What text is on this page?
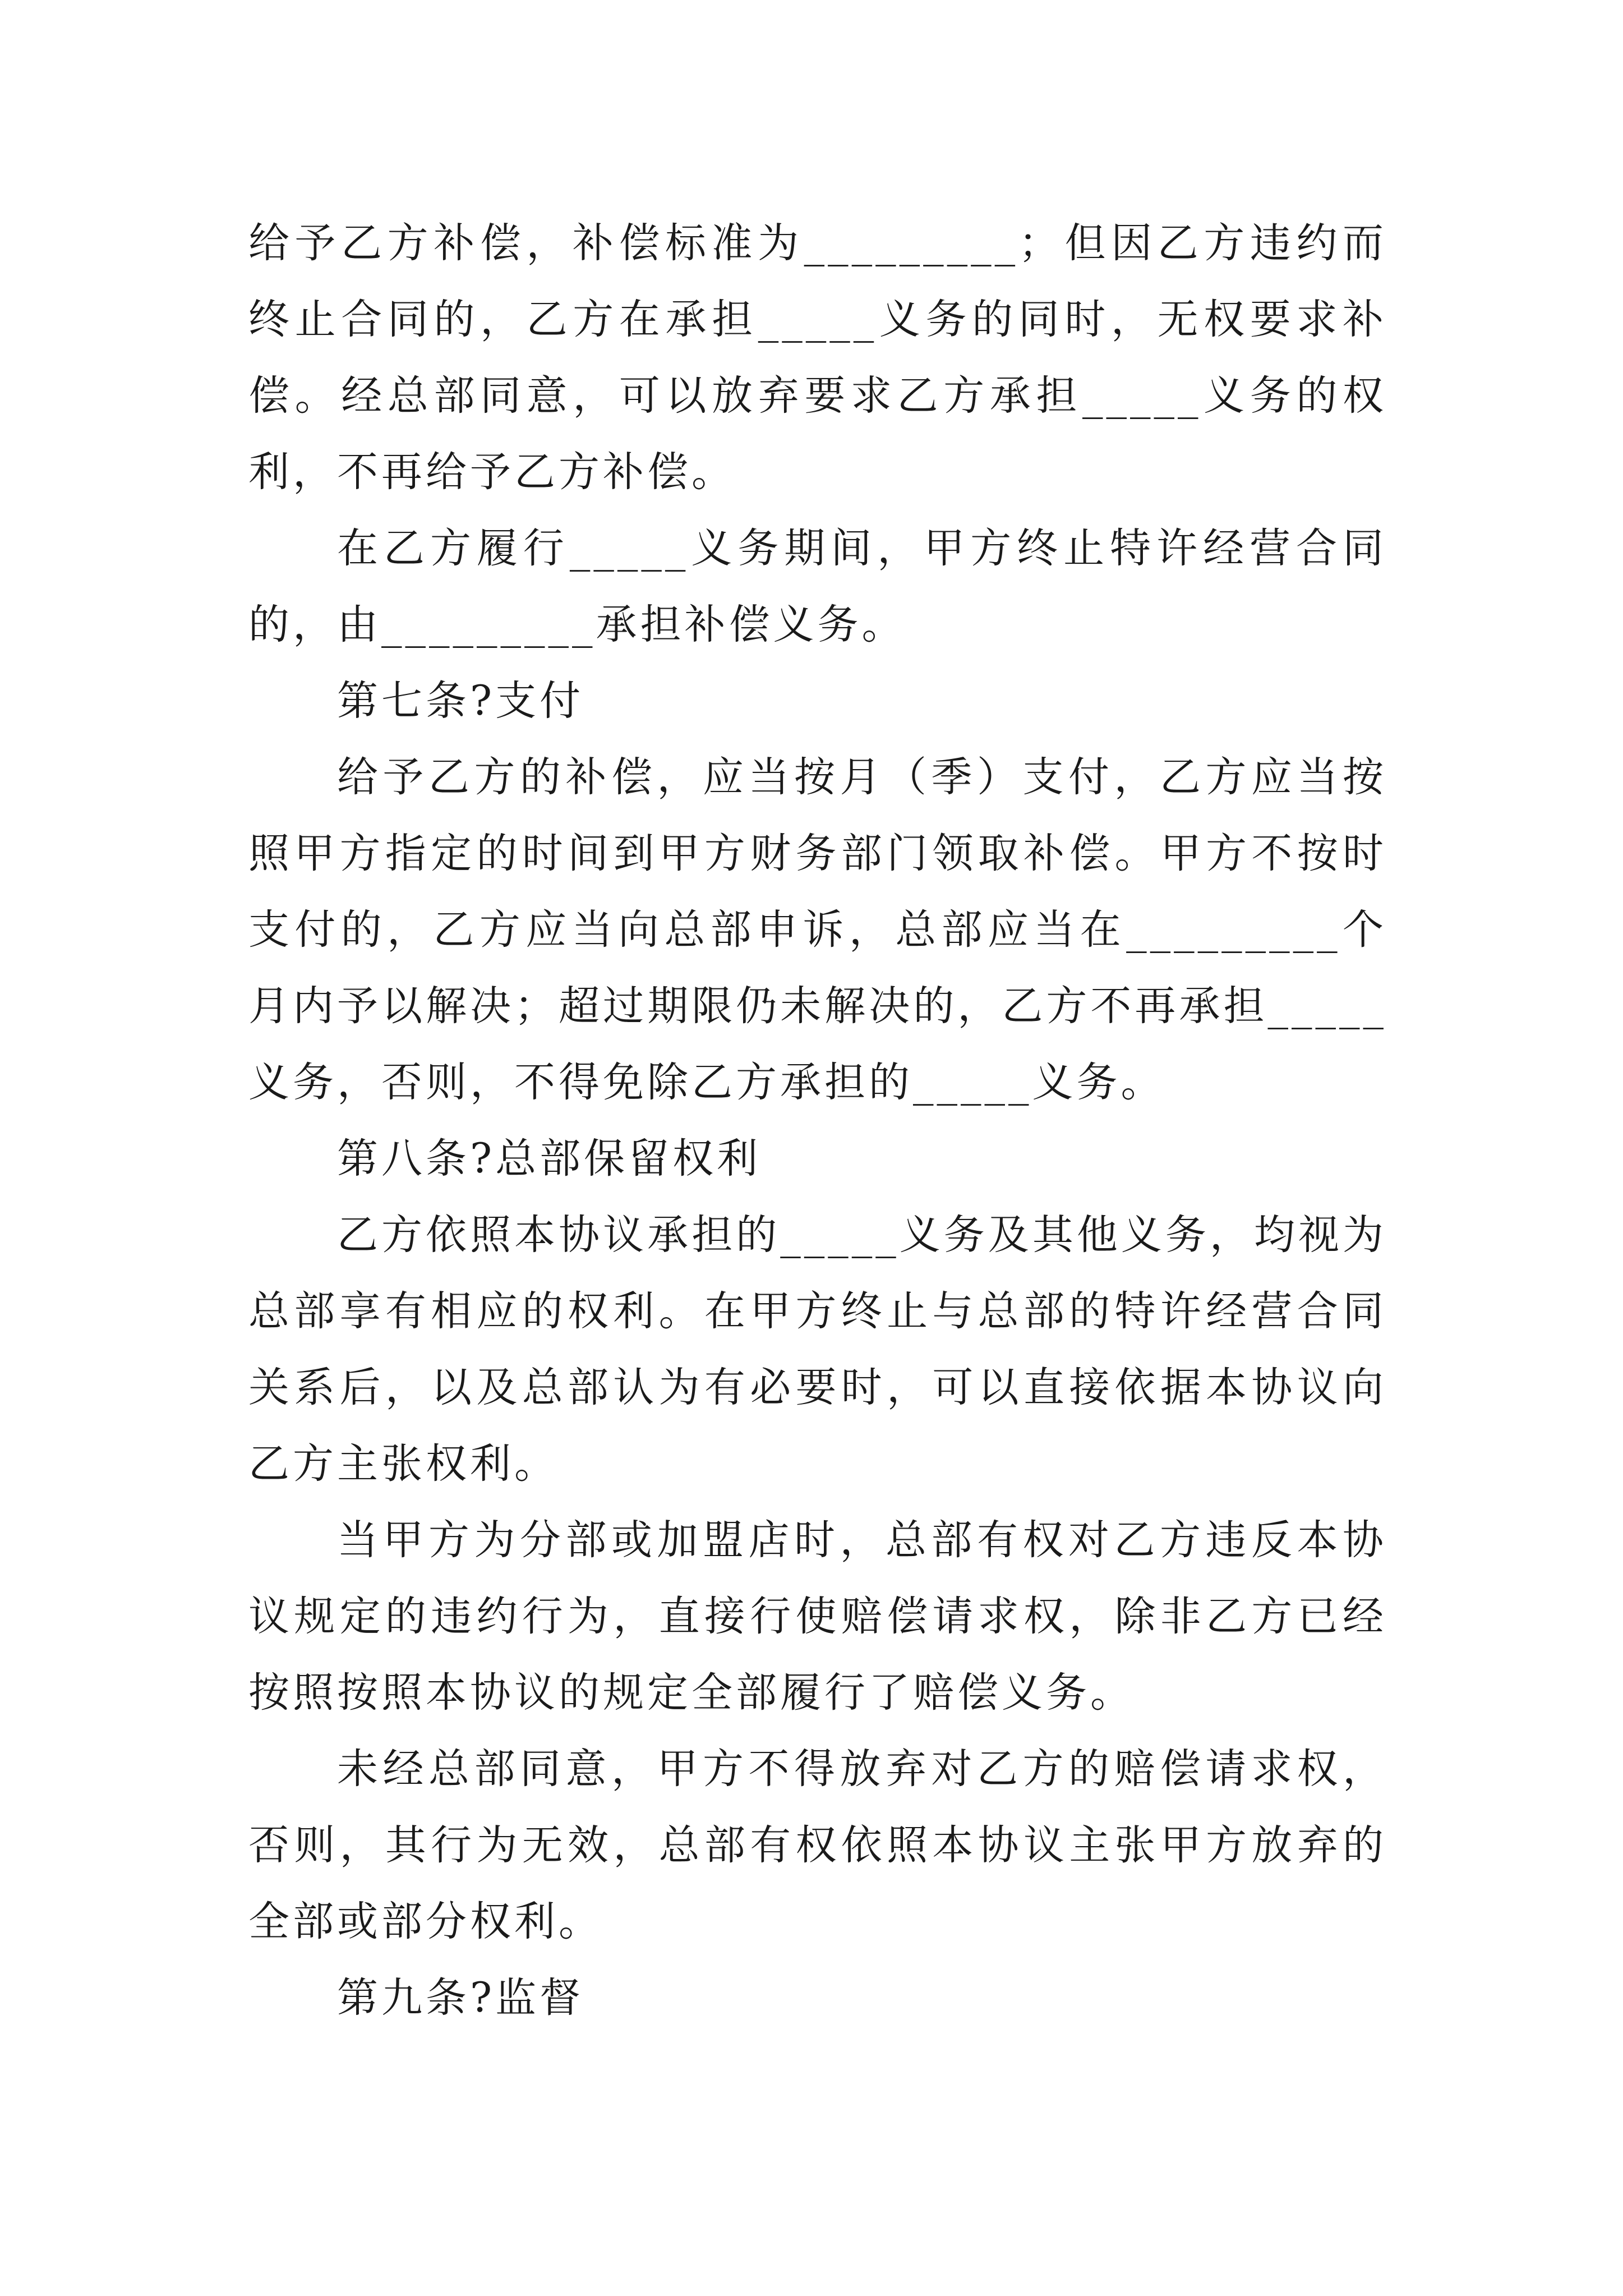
给予乙方补偿，补偿标准为_________；但因乙方违约而终止合同的，乙方在承担_____义务的同时，无权要求补偿。经总部同意，可以放弃要求乙方承担_____义务的权利，不再给予乙方补偿。

在乙方履行_____义务期间，甲方终止特许经营合同的，由_________承担补偿义务。

第七条?支付

给予乙方的补偿，应当按月（季）支付，乙方应当按照甲方指定的时间到甲方财务部门领取补偿。甲方不按时支付的，乙方应当向总部申诉，总部应当在_________个月内予以解决；超过期限仍未解决的，乙方不再承担_____义务，否则，不得免除乙方承担的_____义务。

第八条?总部保留权利

乙方依照本协议承担的_____义务及其他义务，均视为总部享有相应的权利。在甲方终止与总部的特许经营合同关系后，以及总部认为有必要时，可以直接依据本协议向乙方主张权利。

当甲方为分部或加盟店时，总部有权对乙方违反本协议规定的违约行为，直接行使赔偿请求权，除非乙方已经按照按照本协议的规定全部履行了赔偿义务。

未经总部同意，甲方不得放弃对乙方的赔偿请求权，否则，其行为无效，总部有权依照本协议主张甲方放弃的全部或部分权利。

第九条?监督
